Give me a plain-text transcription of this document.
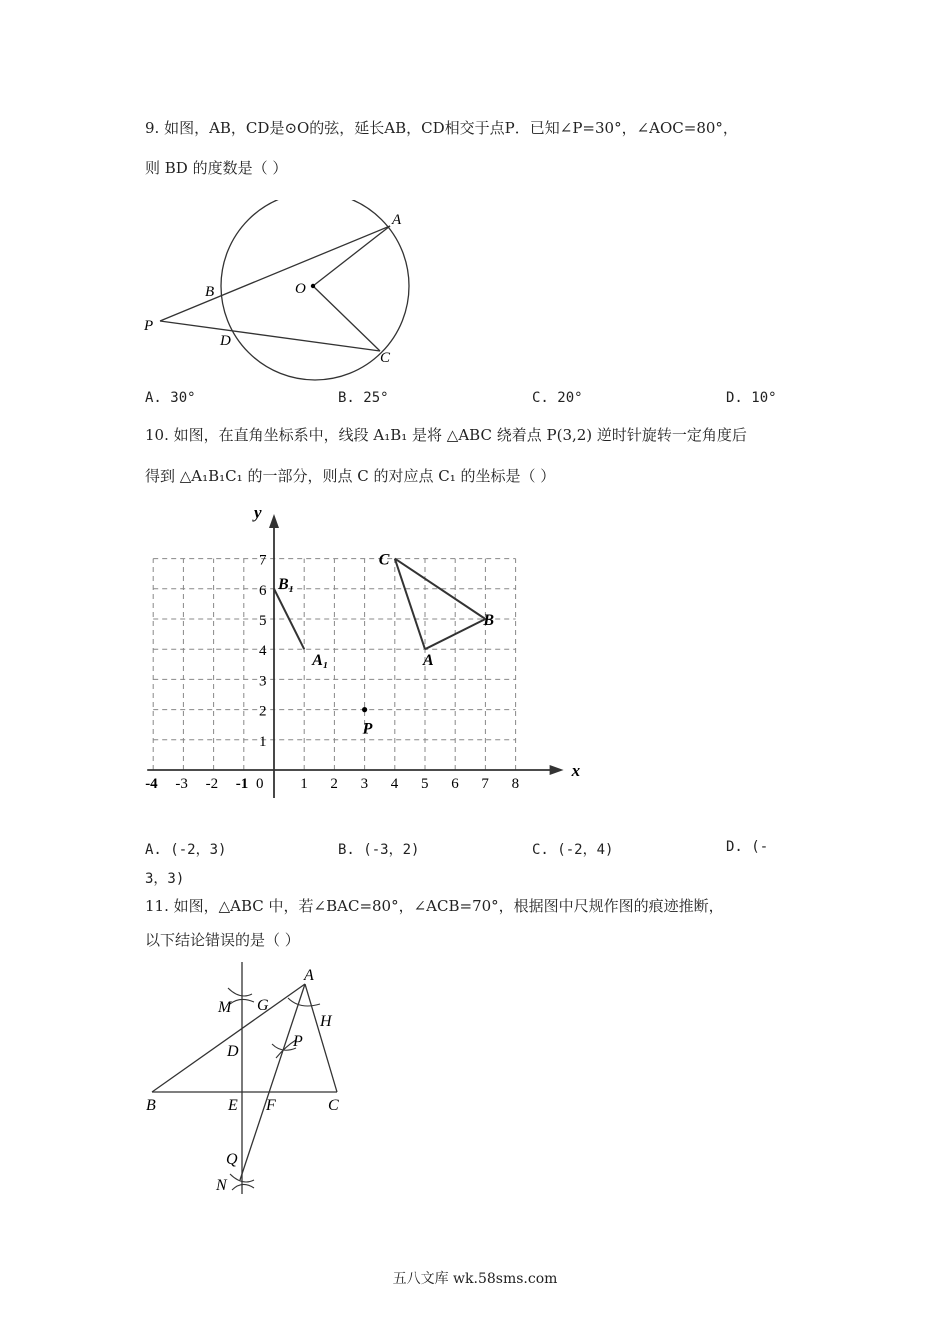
9. 如图，AB，CD是⊙O的弦，延长AB，CD相交于点P．已知∠P=30°，∠AOC=80°，
则 BD 的度数是（ ）
A
B	O
P
D
C
A. 30°	B. 25°	C. 20°	D. 10°
10. 如图，在直角坐标系中，线段 A₁B₁ 是将 △ABC 绕着点 P(3,2) 逆时针旋转一定角度后
得到 △A₁B₁C₁ 的一部分，则点 C 的对应点 C₁ 的坐标是（ ）
x
y
-4 -3 -2 -1 0 1 2 3 4 5 6 7 8
1
2
3
4
5
6
7
A
B
C
A₁
B₁
P
A. (-2，3)	B. (-3，2)	C. (-2，4)	D. (-
3，3)
11. 如图，△ABC 中，若∠BAC=80°，∠ACB=70°，根据图中尺规作图的痕迹推断，
以下结论错误的是（ ）
A
M G
H
D
P
B	E F	C
Q
N
五八文库 wk.58sms.com
